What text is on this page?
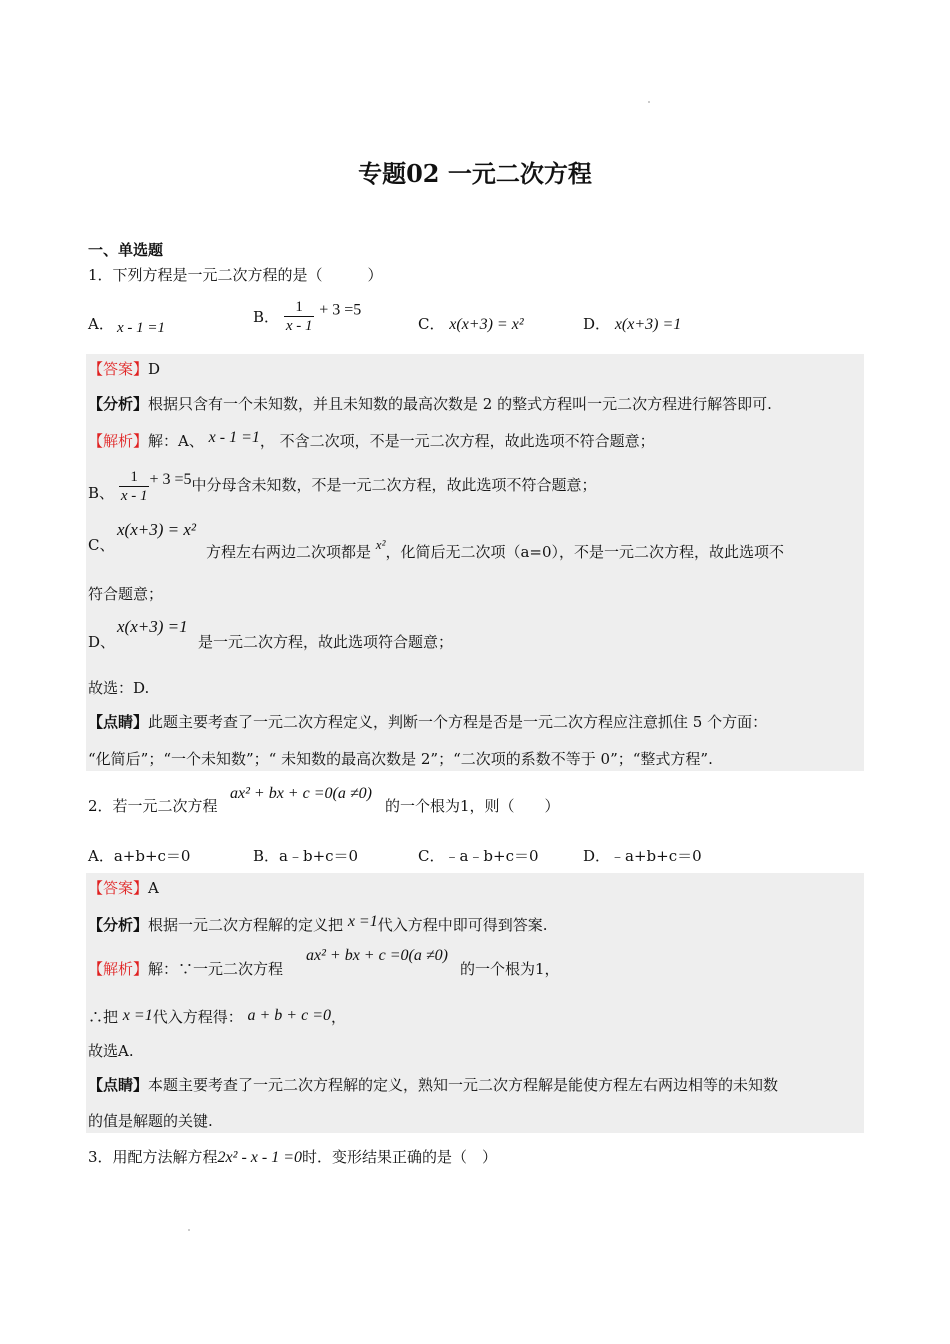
专题02 一元二次方程
一、单选题
1．下列方程是一元二次方程的是（　　　）
A． x - 1 =1
B． $\frac{1}{x - 1} + 3 =5$
C． x(x+3) = x²	D． x(x+3) =1
【答案】D
【分析】根据只含有一个未知数，并且未知数的最高次数是 2 的整式方程叫一元二次方程进行解答即可.
【解析】解：A、 x - 1 =1， 不含二次项，不是一元二次方程，故此选项不符合题意；
B、 $\frac{1}{x - 1} + 3 =5$中分母含未知数，不是一元二次方程，故此选项不符合题意；
x(x+3) = x²
C、	方程左右两边二次项都是 x²，化简后无二次项（a=0），不是一元二次方程，故此选项不
符合题意；
x(x+3) =1
D、	是一元二次方程，故此选项符合题意；
故选：D.
【点睛】此题主要考查了一元二次方程定义，判断一个方程是否是一元二次方程应注意抓住 5 个方面：
“化简后”；“一个未知数”；“ 未知数的最高次数是 2”；“二次项的系数不等于 0”；“整式方程”.
2．若一元二次方程
ax² + bx + c =0(a ≠0)
的一个根为1，则（　　）
A．a+b+c＝0	B．a﹣b+c＝0	C．﹣a﹣b+c＝0	D．﹣a+b+c＝0
【答案】A
【分析】根据一元二次方程解的定义把 x =1代入方程中即可得到答案.
【解析】解：∵一元二次方程
ax² + bx + c =0(a ≠0)
的一个根为1，
∴把 x =1代入方程得： a + b + c =0，
故选A.
【点睛】本题主要考查了一元二次方程解的定义，熟知一元二次方程解是能使方程左右两边相等的未知数
的值是解题的关键.
3．用配方法解方程2x² - x - 1 =0时．变形结果正确的是（　）
